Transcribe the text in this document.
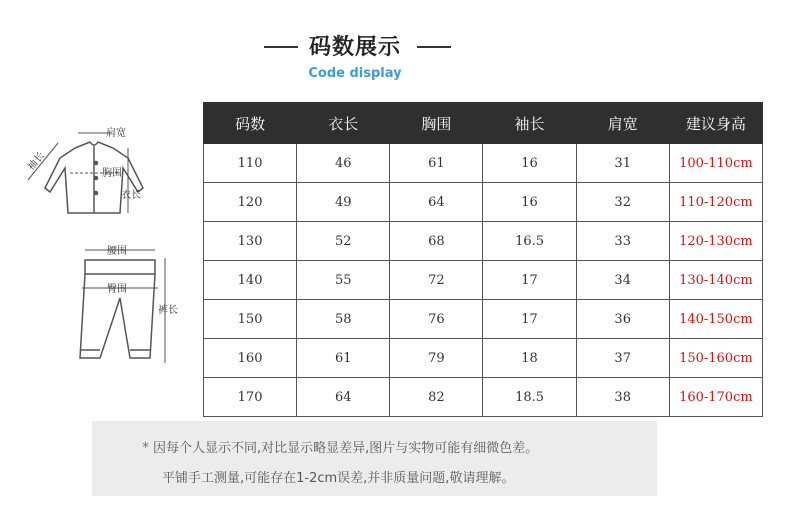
码数展示
Code display
肩宽
袖长
胸围
衣长
腰围
臀围
裤长
码数	衣长	胸围	袖长	肩宽	建议身高
110	46	61	16	31	100-110cm
120	49	64	16	32	110-120cm
130	52	68	16.5	33	120-130cm
140	55	72	17	34	130-140cm
150	58	76	17	36	140-150cm
160	61	79	18	37	150-160cm
170	64	82	18.5	38	160-170cm
* 因每个人显示不同,对比显示略显差异,图片与实物可能有细微色差。
平铺手工测量,可能存在1-2cm误差,并非质量问题,敬请理解。
